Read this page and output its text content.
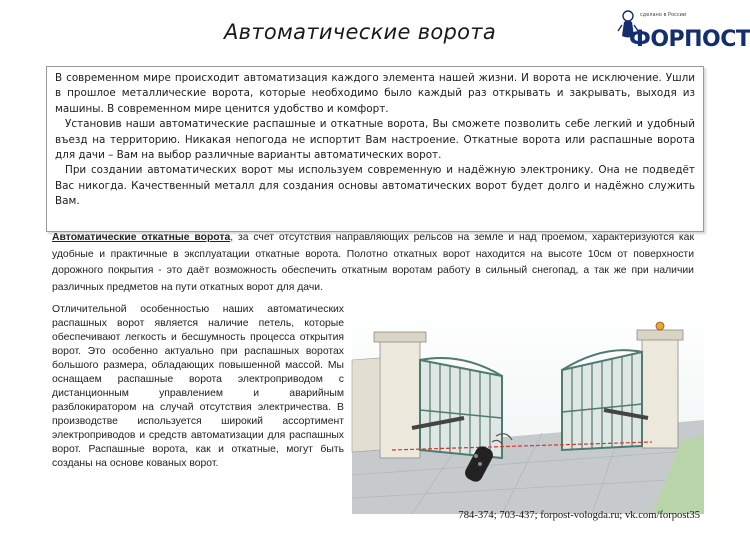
Автоматические ворота
сделано в России
ФОРПОСТ

В современном мире происходит автоматизация каждого элемента нашей жизни. И ворота не исключение. Ушли в прошлое металлические ворота, которые необходимо было каждый раз открывать и закрывать, выходя из машины. В современном мире ценится удобство и комфорт.

Установив наши автоматические распашные и откатные ворота, Вы сможете позволить себе легкий и удобный въезд на территорию. Никакая непогода не испортит Вам настроение. Откатные ворота или распашные ворота для дачи – Вам на выбор различные варианты автоматических ворот.

При создании автоматических ворот мы используем современную и надёжную электронику. Она не подведёт Вас никогда. Качественный металл для создания основы автоматических ворот будет долго и надёжно служить Вам.

Автоматические откатные ворота, за счет отсутствия направляющих рельсов на земле и над проемом, характеризуются как удобные и практичные в эксплуатации откатные ворота. Полотно откатных ворот находится на высоте 10см от поверхности дорожного покрытия - это даёт возможность обеспечить откатным воротам работу в сильный снегопад, а так же при наличии различных предметов на пути откатных ворот для дачи.
Отличительной особенностью наших автоматических распашных ворот является наличие петель, которые обеспечивают легкость и бесшумность процесса открытия ворот. Это особенно актуально при распашных воротах большого размера, обладающих повышенной массой. Мы оснащаем распашные ворота электроприводом с дистанционным управлением и аварийным разблокиратором на случай отсутствия электричества. В производстве используется широкий ассортимент электроприводов и средств автоматизации для распашных ворот. Распашные ворота, как и откатные, могут быть созданы на основе кованых ворот.
784-374; 703-437; forpost-vologda.ru; vk.com/forpost35
